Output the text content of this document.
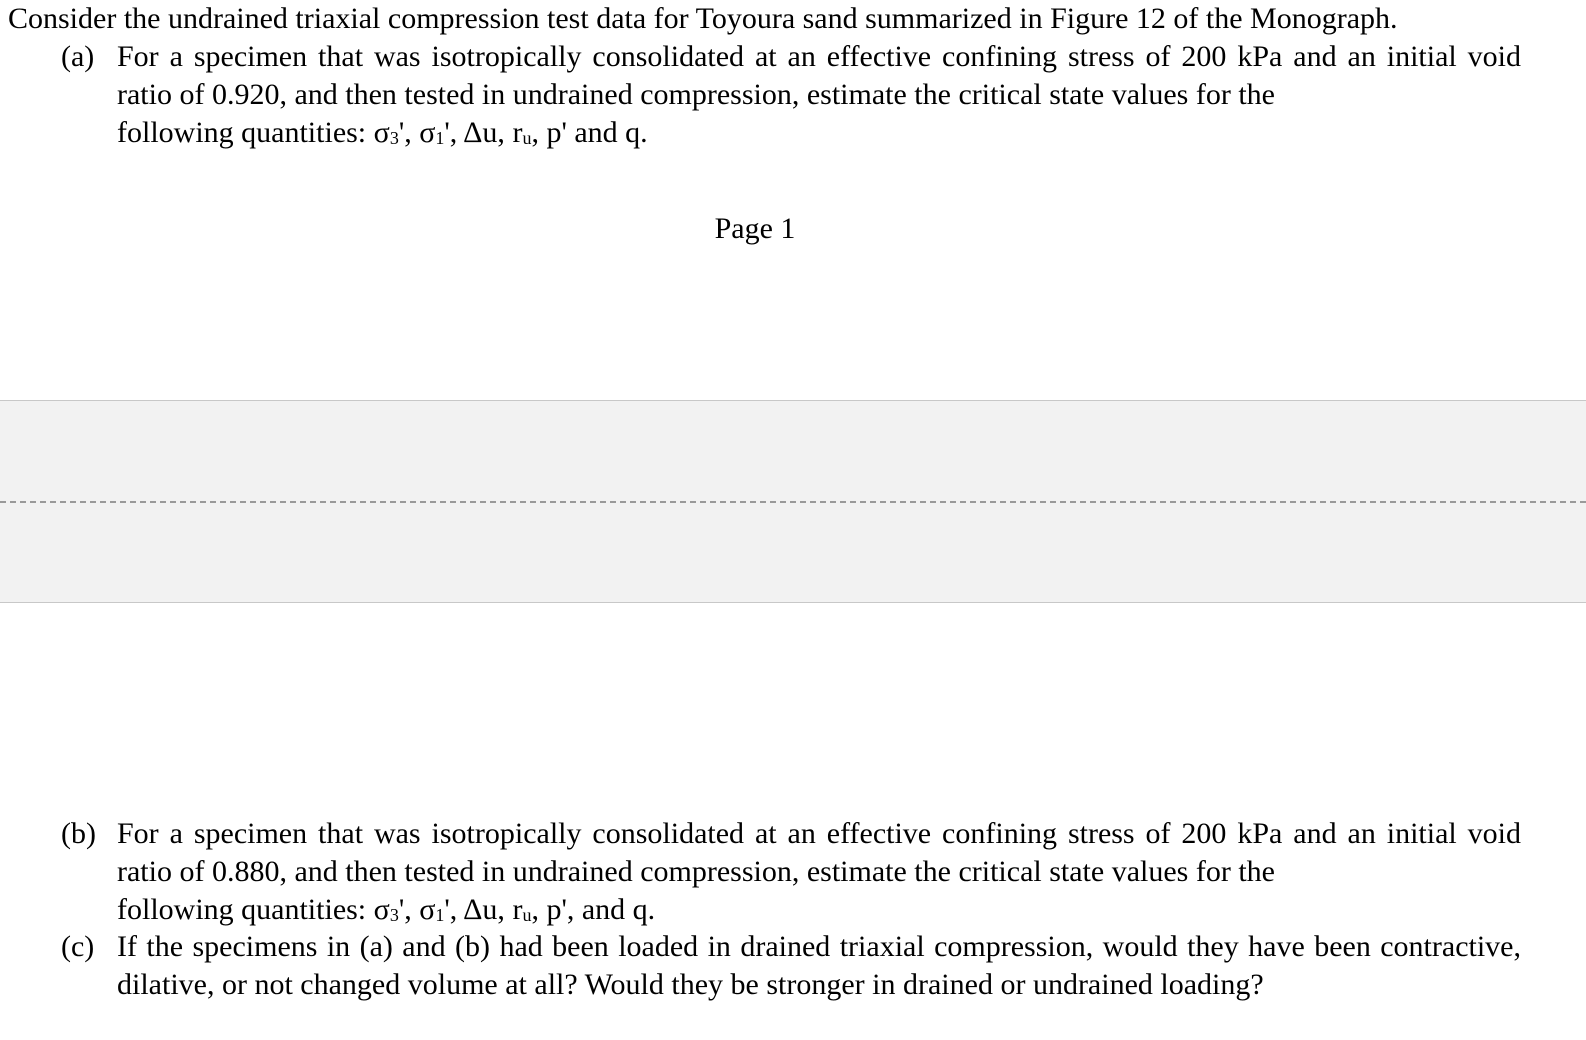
Consider the undrained triaxial compression test data for Toyoura sand summarized in Figure 12 of the Monograph.
(a) For a specimen that was isotropically consolidated at an effective confining stress of 200 kPa and an initial void ratio of 0.920, and then tested in undrained compression, estimate the critical state values for the
following quantities: $\sigma_3'$, $\sigma_1'$, Δu, $r_u$, p' and q.
Page 1
(b) For a specimen that was isotropically consolidated at an effective confining stress of 200 kPa and an initial void ratio of 0.880, and then tested in undrained compression, estimate the critical state values for the
following quantities: $\sigma_3'$, $\sigma_1'$, Δu, $r_u$, p', and q.
(c) If the specimens in (a) and (b) had been loaded in drained triaxial compression, would they have been contractive, dilative, or not changed volume at all? Would they be stronger in drained or undrained loading?
